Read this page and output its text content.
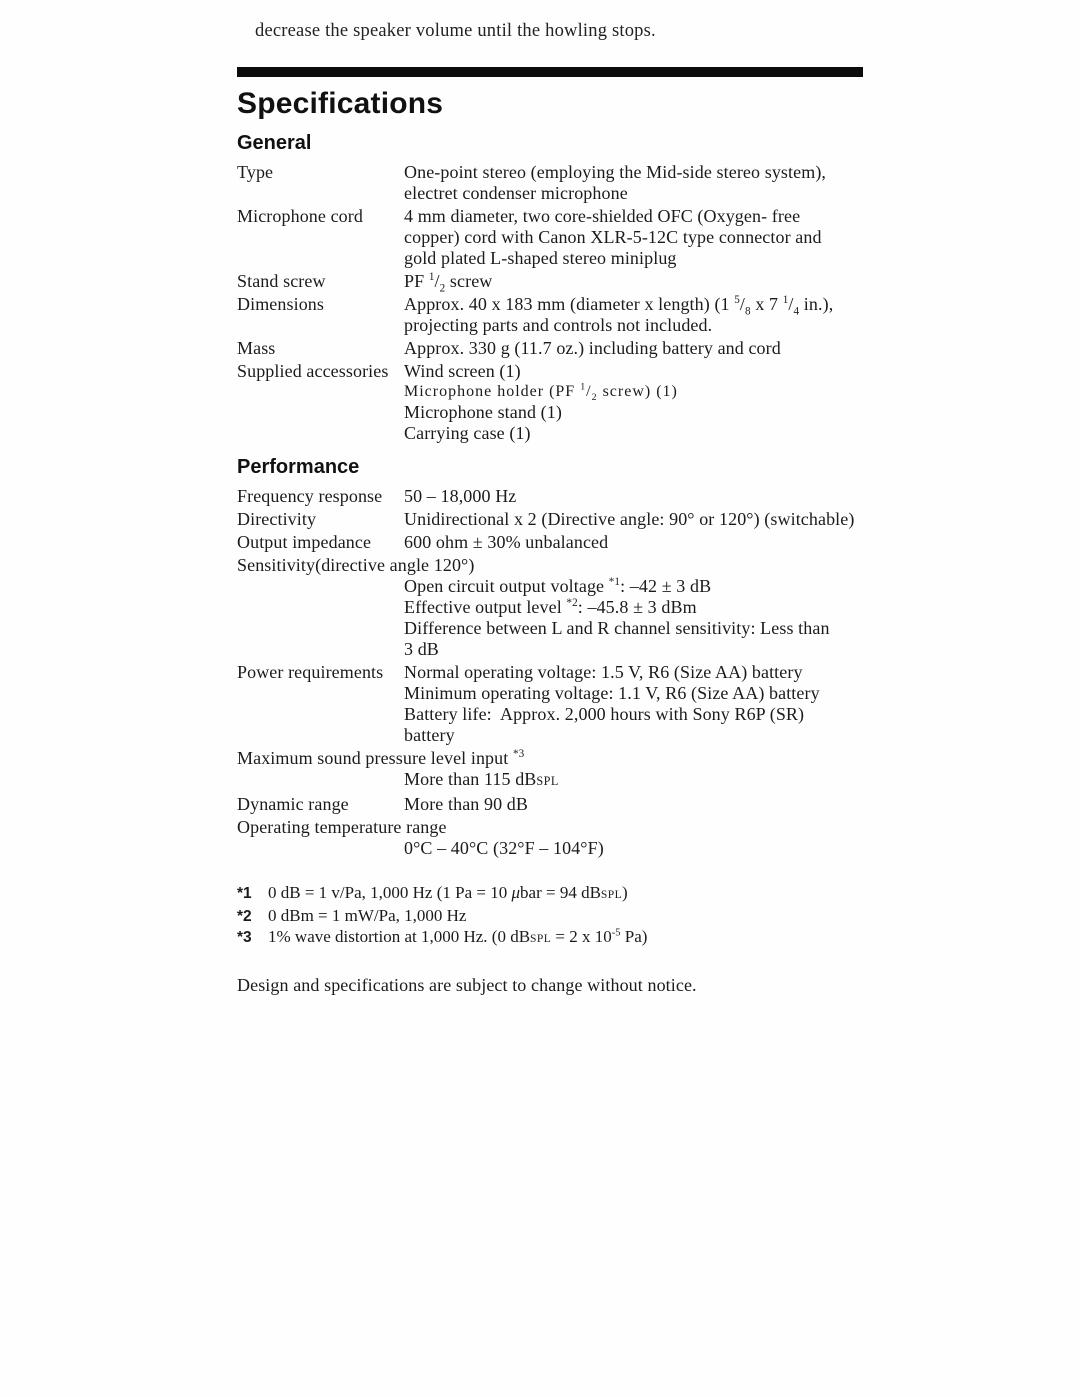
decrease the speaker volume until the howling stops.
Specifications
General
Type	One-point stereo (employing the Mid-side stereo system),
electret condenser microphone
Microphone cord	4 mm diameter, two core-shielded OFC (Oxygen- free
copper) cord with Canon XLR-5-12C type connector and
gold plated L-shaped stereo miniplug
Stand screw	PF $^1/_2$ screw
Dimensions	Approx. 40 x 183 mm (diameter x length) (1 $^5/_8$ x 7 $^1/_4$ in.),
projecting parts and controls not included.
Mass	Approx. 330 g (11.7 oz.) including battery and cord
Supplied accessories Wind screen (1)
Microphone holder (PF $^1/_2$ screw) (1)
Microphone stand (1)
Carrying case (1)
Performance
Frequency response	50 – 18,000 Hz
Directivity	Unidirectional x 2 (Directive angle: 90° or 120°) (switchable)
Output impedance	600 ohm ± 30% unbalanced
Sensitivity(directive angle 120°)
Open circuit output voltage $^{*1}$: –42 ± 3 dB
Effective output level $^{*2}$: –45.8 ± 3 dBm
Difference between L and R channel sensitivity: Less than
3 dB
Power requirements	Normal operating voltage: 1.5 V, R6 (Size AA) battery
Minimum operating voltage: 1.1 V, R6 (Size AA) battery
Battery life:  Approx. 2,000 hours with Sony R6P (SR)
battery
Maximum sound pressure level input $^{*3}$
More than 115 dBSPL
Dynamic range	More than 90 dB
Operating temperature range
0°C – 40°C (32°F – 104°F)
*1 0 dB = 1 v/Pa, 1,000 Hz (1 Pa = 10 μbar = 94 dBSPL)
*2 0 dBm = 1 mW/Pa, 1,000 Hz
*3 1% wave distortion at 1,000 Hz. (0 dBSPL = 2 x $10^{-5}$ Pa)

Design and specifications are subject to change without notice.
